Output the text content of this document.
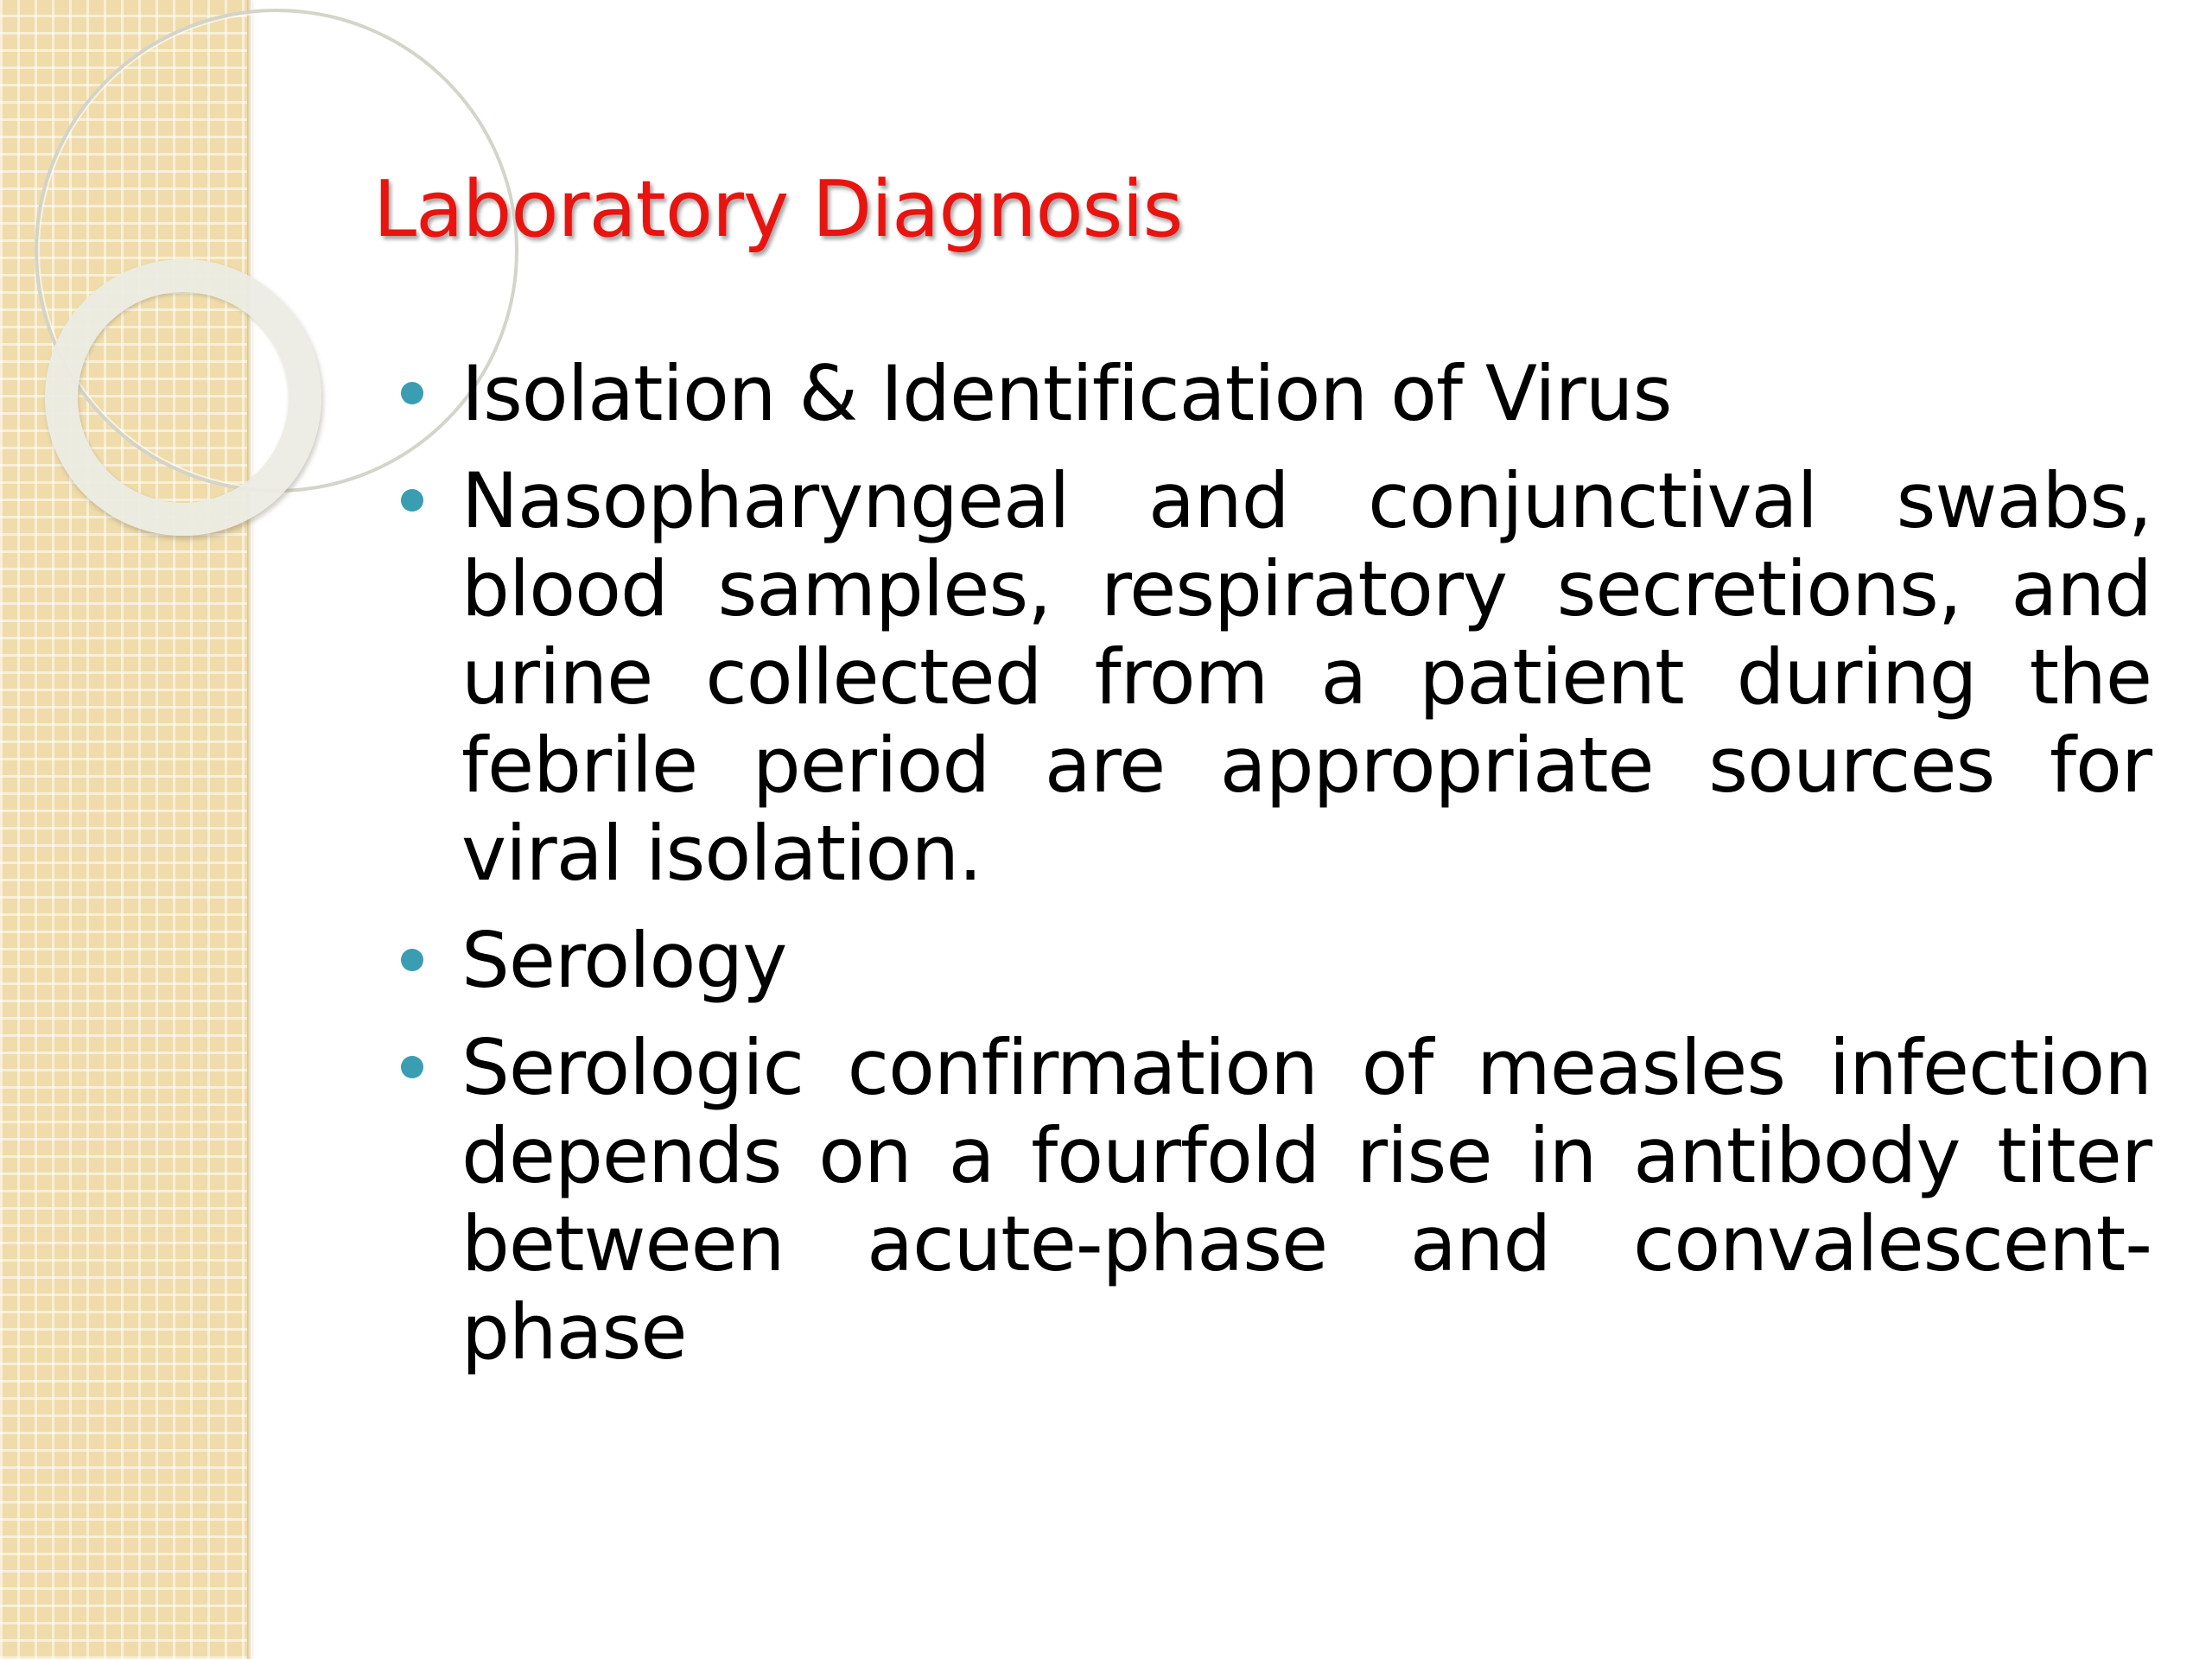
Laboratory Diagnosis
Isolation & Identification of Virus
Nasopharyngeal and conjunctival swabs, blood samples, respiratory secretions, and urine collected from a patient during the febrile period are appropriate sources for viral isolation.
Serology
Serologic confirmation of measles infection depends on a fourfold rise in antibody titer between acute-phase and convalescent-phase
